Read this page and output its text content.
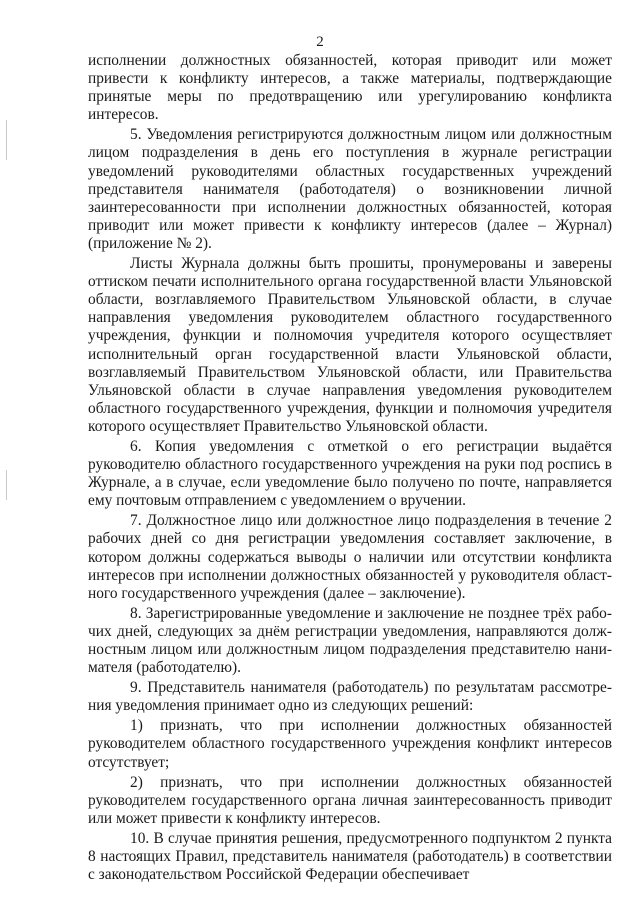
2

исполнении должностных обязанностей, которая приводит или может привести к конфликту интересов, а также материалы, подтверждающие принятые меры по предотвращению или урегулированию конфликта интересов.

5. Уведомления регистрируются должностным лицом или должностным лицом подразделения в день его поступления в журнале регистрации уведомлений руководителями областных государственных учреждений представителя нанимателя (работодателя) о возникновении личной заинтересованности при исполнении должностных обязанностей, которая приводит или может привести к конфликту интересов (далее – Журнал) (приложение № 2).

Листы Журнала должны быть прошиты, пронумерованы и заверены оттиском печати исполнительного органа государственной власти Ульяновской области, возглавляемого Правительством Ульяновской области, в случае направления уведомления руководителем областного государственного учреждения, функции и полномочия учредителя которого осуществляет исполнительный орган государственной власти Ульяновской области, возглавляемый Правительством Ульяновской области, или Правительства Ульяновской области в случае направления уведомления руководителем областного государственного учреждения, функции и полномочия учредителя которого осуществляет Правительство Ульяновской области.

6. Копия уведомления с отметкой о его регистрации выдаётся руководителю областного государственного учреждения на руки под роспись в Журнале, а в случае, если уведомление было получено по почте, направляется ему почтовым отправлением с уведомлением о вручении.

7. Должностное лицо или должностное лицо подразделения в течение 2 рабочих дней со дня регистрации уведомления составляет заключение, в котором должны содержаться выводы о наличии или отсутствии конфликта интересов при исполнении должностных обязанностей у руководителя областного государственного учреждения (далее – заключение).

8. Зарегистрированные уведомление и заключение не позднее трёх рабочих дней, следующих за днём регистрации уведомления, направляются должностным лицом или должностным лицом подразделения представителю нанимателя (работодателю).

9. Представитель нанимателя (работодатель) по результатам рассмотрения уведомления принимает одно из следующих решений:

1) признать, что при исполнении должностных обязанностей руководителем областного государственного учреждения конфликт интересов отсутствует;

2) признать, что при исполнении должностных обязанностей руководителем государственного органа личная заинтересованность приводит или может привести к конфликту интересов.

10. В случае принятия решения, предусмотренного подпунктом 2 пункта 8 настоящих Правил, представитель нанимателя (работодатель) в соответствии с законодательством Российской Федерации обеспечивает
